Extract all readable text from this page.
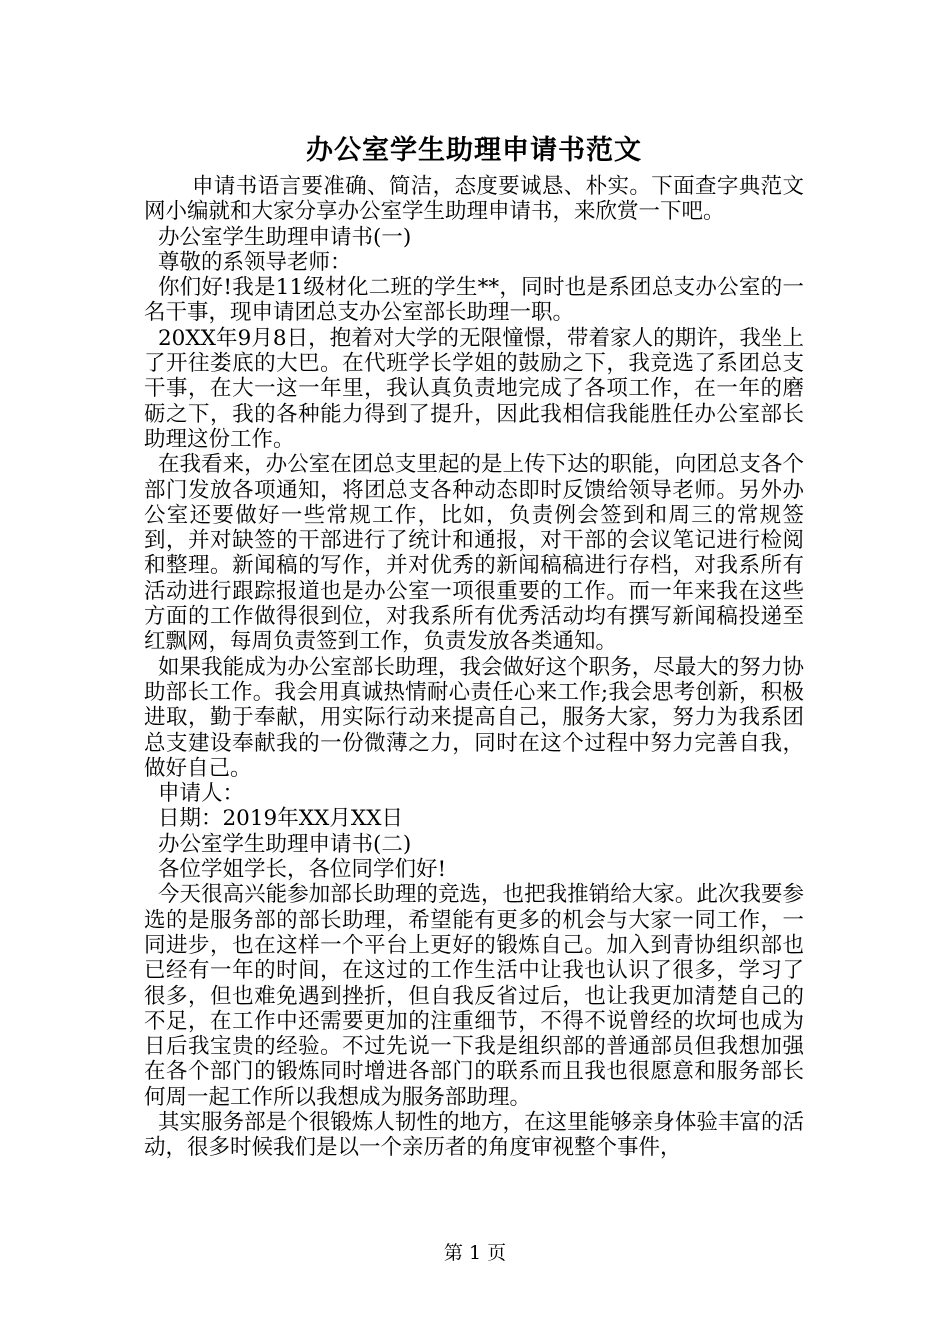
办公室学生助理申请书范文

申请书语言要准确、简洁，态度要诚恳、朴实。下面查字典范文网小编就和大家分享办公室学生助理申请书，来欣赏一下吧。

办公室学生助理申请书(一)

尊敬的系领导老师：

你们好!我是11级材化二班的学生**，同时也是系团总支办公室的一名干事，现申请团总支办公室部长助理一职。

20XX年9月8日，抱着对大学的无限憧憬，带着家人的期许，我坐上了开往娄底的大巴。在代班学长学姐的鼓励之下，我竞选了系团总支干事，在大一这一年里，我认真负责地完成了各项工作，在一年的磨砺之下，我的各种能力得到了提升，因此我相信我能胜任办公室部长助理这份工作。

在我看来，办公室在团总支里起的是上传下达的职能，向团总支各个部门发放各项通知，将团总支各种动态即时反馈给领导老师。另外办公室还要做好一些常规工作，比如，负责例会签到和周三的常规签到，并对缺签的干部进行了统计和通报，对干部的会议笔记进行检阅和整理。新闻稿的写作，并对优秀的新闻稿稿进行存档，对我系所有活动进行跟踪报道也是办公室一项很重要的工作。而一年来我在这些方面的工作做得很到位，对我系所有优秀活动均有撰写新闻稿投递至红飘网，每周负责签到工作，负责发放各类通知。

如果我能成为办公室部长助理，我会做好这个职务，尽最大的努力协助部长工作。我会用真诚热情耐心责任心来工作;我会思考创新，积极进取，勤于奉献，用实际行动来提高自己，服务大家，努力为我系团总支建设奉献我的一份微薄之力，同时在这个过程中努力完善自我，做好自己。

申请人：

日期：2019年XX月XX日

办公室学生助理申请书(二)

各位学姐学长，各位同学们好!

今天很高兴能参加部长助理的竞选，也把我推销给大家。此次我要参选的是服务部的部长助理，希望能有更多的机会与大家一同工作，一同进步，也在这样一个平台上更好的锻炼自己。加入到青协组织部也已经有一年的时间，在这过的工作生活中让我也认识了很多，学习了很多，但也难免遇到挫折，但自我反省过后，也让我更加清楚自己的不足，在工作中还需要更加的注重细节，不得不说曾经的坎坷也成为日后我宝贵的经验。不过先说一下我是组织部的普通部员但我想加强在各个部门的锻炼同时增进各部门的联系而且我也很愿意和服务部长何周一起工作所以我想成为服务部助理。

其实服务部是个很锻炼人韧性的地方，在这里能够亲身体验丰富的活动，很多时候我们是以一个亲历者的角度审视整个事件，

第 1 页
